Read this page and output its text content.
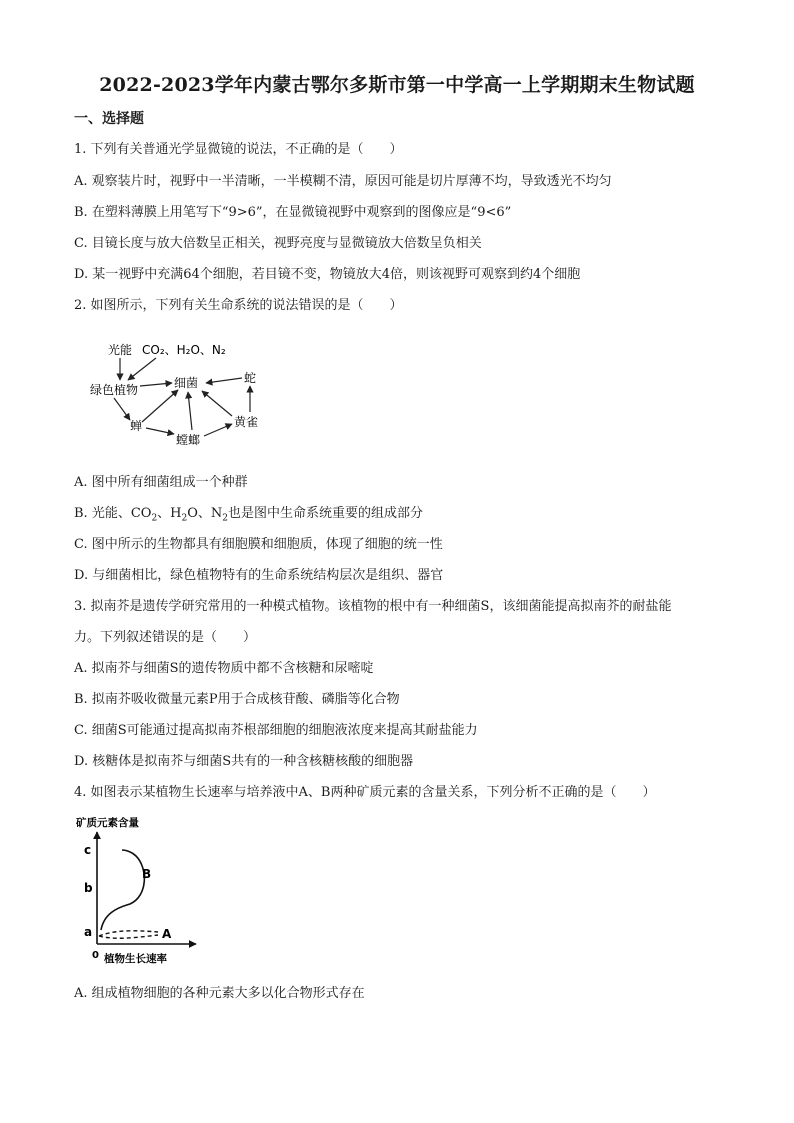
2022-2023学年内蒙古鄂尔多斯市第一中学高一上学期期末生物试题
一、选择题
1. 下列有关普通光学显微镜的说法，不正确的是（　　）
A. 观察装片时，视野中一半清晰，一半模糊不清，原因可能是切片厚薄不均，导致透光不均匀
B. 在塑料薄膜上用笔写下“9>6”，在显微镜视野中观察到的图像应是“9<6”
C. 目镜长度与放大倍数呈正相关，视野亮度与显微镜放大倍数呈负相关
D. 某一视野中充满64个细胞，若目镜不变，物镜放大4倍，则该视野可观察到约4个细胞
2. 如图所示，下列有关生命系统的说法错误的是（　　）
光能 CO₂、H₂O、N₂
绿色植物	细菌	蛇
蝉	黄雀
螳螂
A. 图中所有细菌组成一个种群
B. 光能、$CO_2$、$H_2O$、$N_2$也是图中生命系统重要的组成部分
C. 图中所示的生物都具有细胞膜和细胞质，体现了细胞的统一性
D. 与细菌相比，绿色植物特有的生命系统结构层次是组织、器官
3. 拟南芥是遗传学研究常用的一种模式植物。该植物的根中有一种细菌S，该细菌能提高拟南芥的耐盐能
力。下列叙述错误的是（　　）
A. 拟南芥与细菌S的遗传物质中都不含核糖和尿嘧啶
B. 拟南芥吸收微量元素P用于合成核苷酸、磷脂等化合物
C. 细菌S可能通过提高拟南芥根部细胞的细胞液浓度来提高其耐盐能力
D. 核糖体是拟南芥与细菌S共有的一种含核糖核酸的细胞器
4. 如图表示某植物生长速率与培养液中A、B两种矿质元素的含量关系，下列分析不正确的是（　　）
矿质元素含量
0
c
b
a
B
A
植物生长速率
A. 组成植物细胞的各种元素大多以化合物形式存在
